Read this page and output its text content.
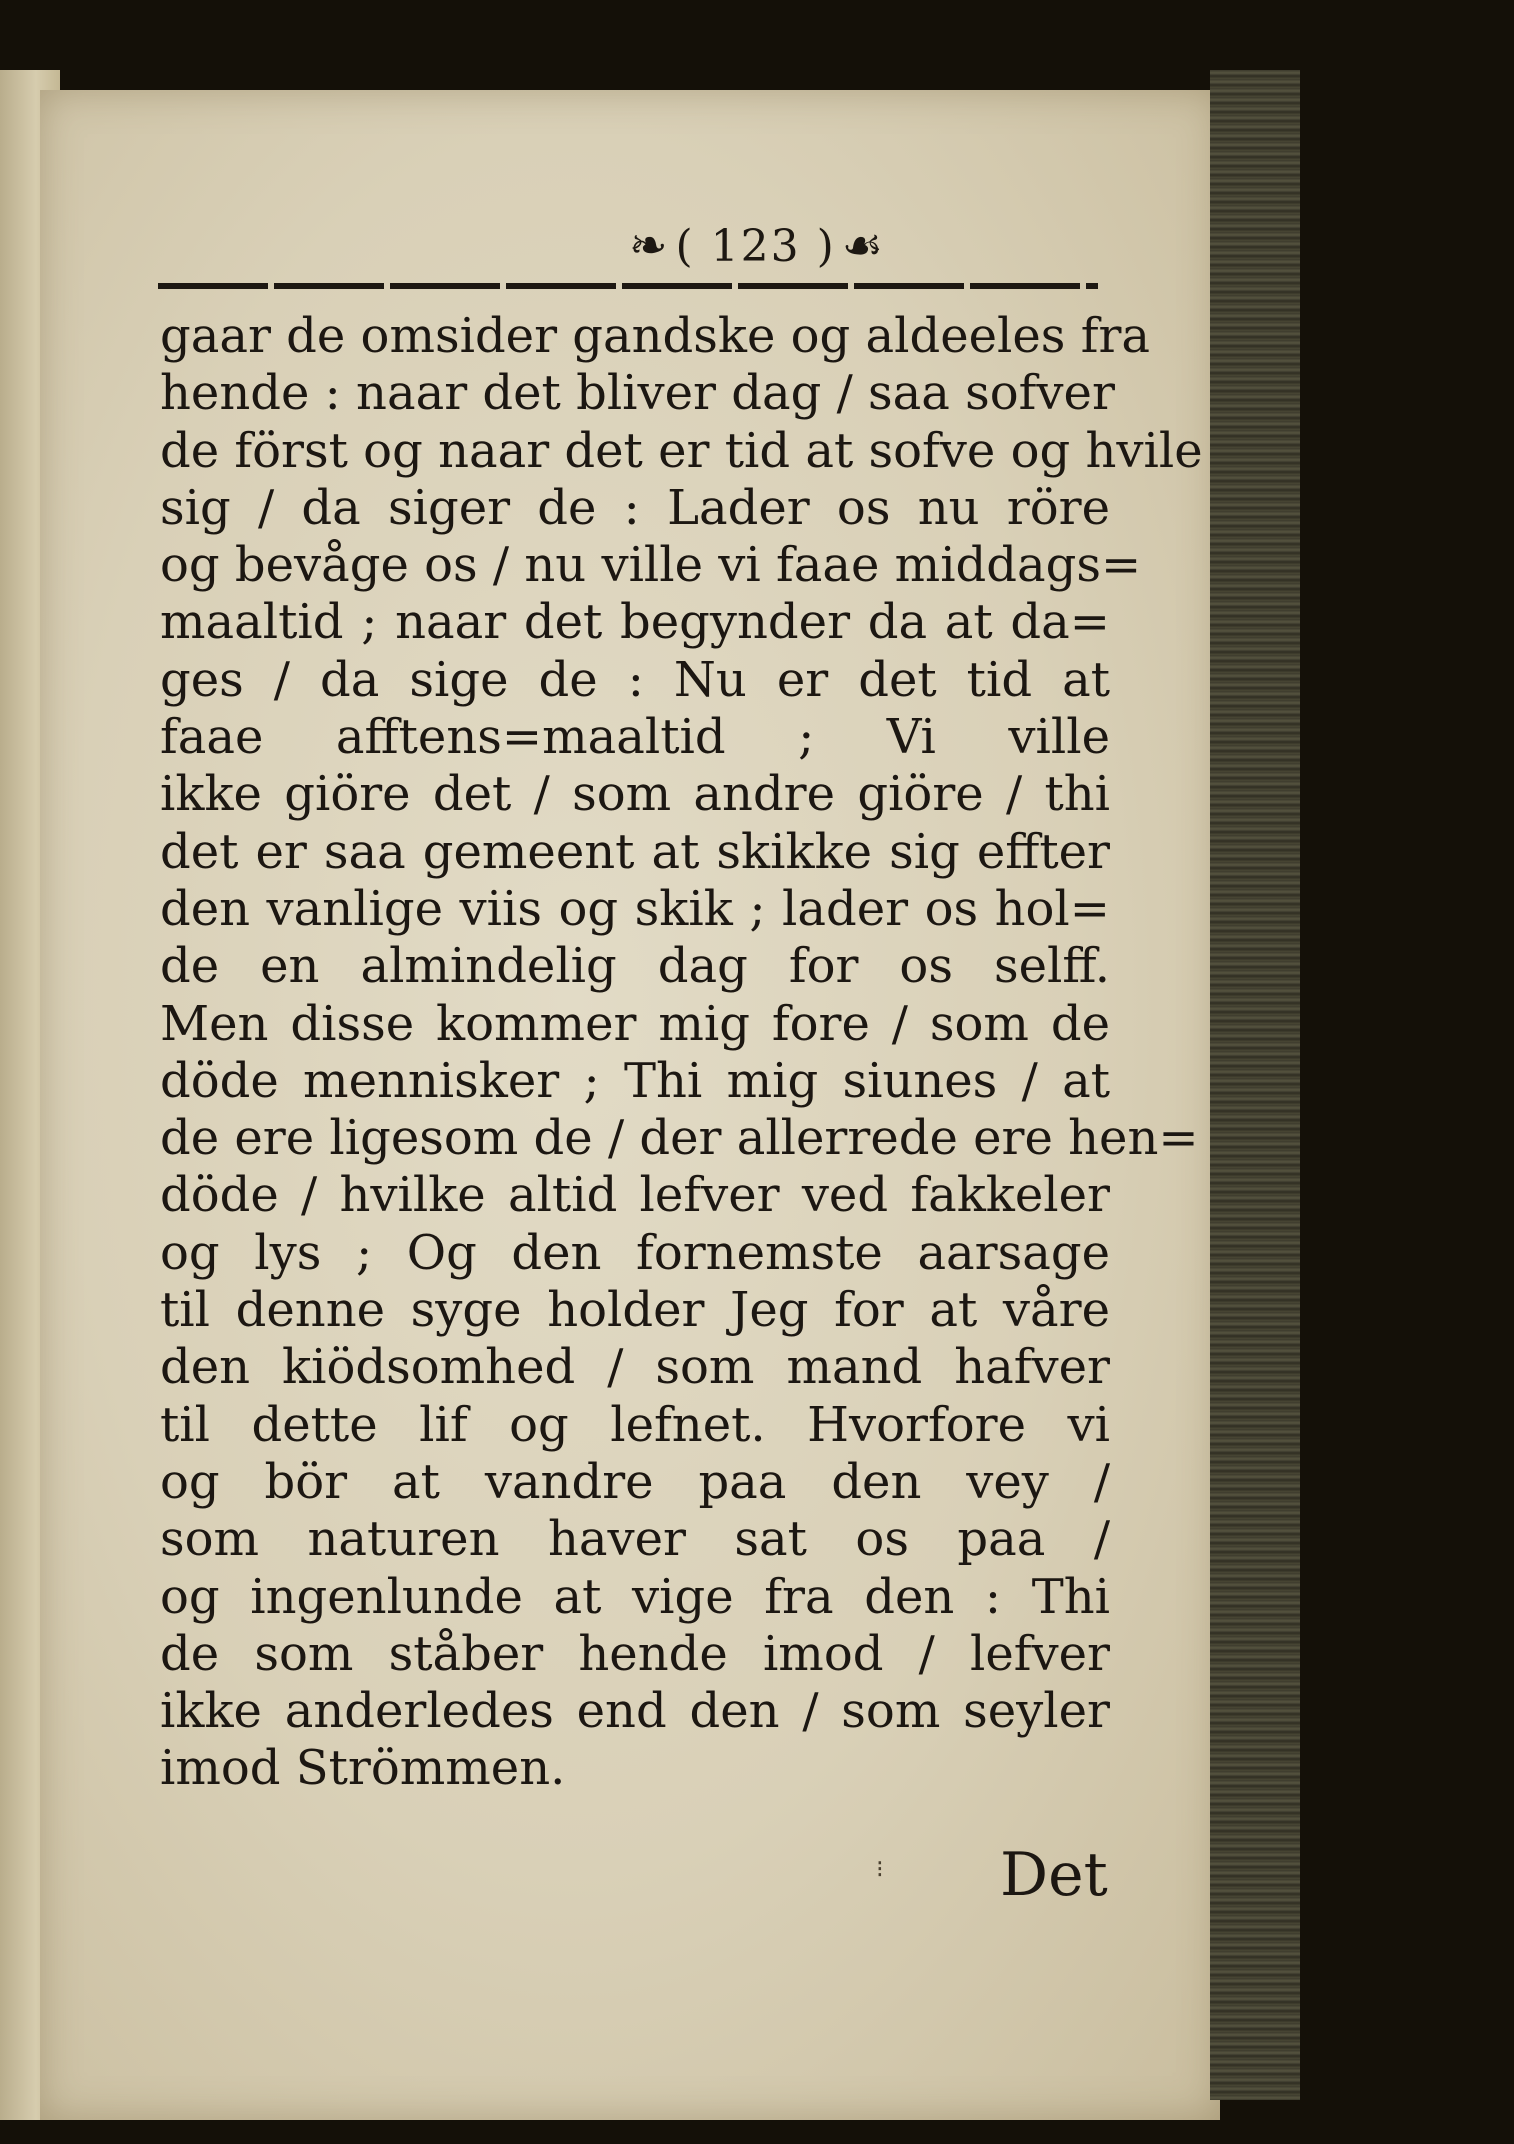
❧ ( 123 ) ☙
gaar de omsider gandske og aldeeles fra
hende : naar det bliver dag / saa sofver
de först og naar det er tid at sofve og hvile
sig / da siger de : Lader os nu röre
og bevåge os / nu ville vi faae middags=
maaltid ; naar det begynder da at da=
ges / da sige de : Nu er det tid at
faae afftens=maaltid ; Vi ville
ikke giöre det / som andre giöre / thi
det er saa gemeent at skikke sig effter
den vanlige viis og skik ; lader os hol=
de en almindelig dag for os selff.
Men disse kommer mig fore / som de
döde mennisker ; Thi mig siunes / at
de ere ligesom de / der allerrede ere hen=
döde / hvilke altid lefver ved fakkeler
og lys ; Og den fornemste aarsage
til denne syge holder Jeg for at våre
den kiödsomhed / som mand hafver
til dette lif og lefnet. Hvorfore vi
og bör at vandre paa den vey /
som naturen haver sat os paa /
og ingenlunde at vige fra den : Thi
de som ståber hende imod / lefver
ikke anderledes end den / som seyler
imod Strömmen.
⁝ Det
